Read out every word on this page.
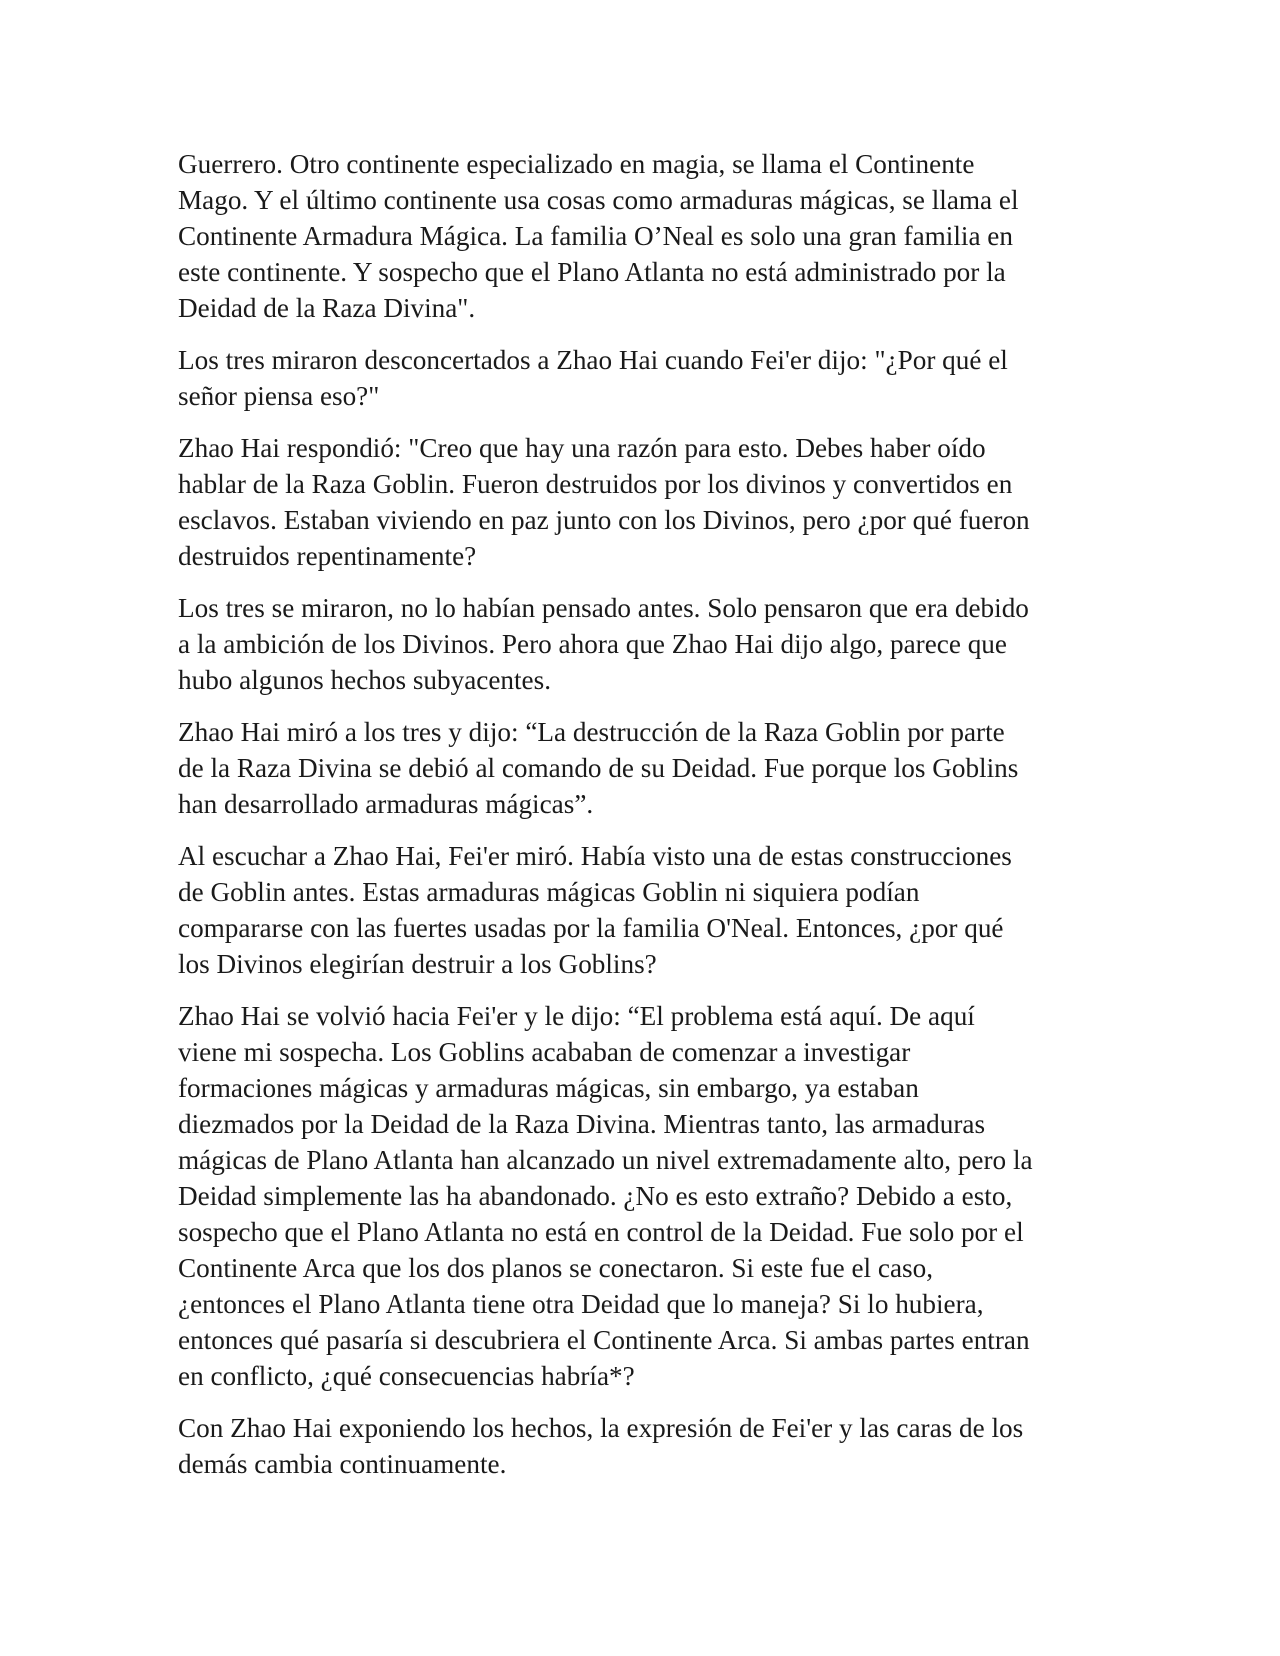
Guerrero. Otro continente especializado en magia, se llama el Continente
Mago. Y el último continente usa cosas como armaduras mágicas, se llama el
Continente Armadura Mágica. La familia O’Neal es solo una gran familia en
este continente. Y sospecho que el Plano Atlanta no está administrado por la
Deidad de la Raza Divina".

Los tres miraron desconcertados a Zhao Hai cuando Fei'er dijo: "¿Por qué el
señor piensa eso?"

Zhao Hai respondió: "Creo que hay una razón para esto. Debes haber oído
hablar de la Raza Goblin. Fueron destruidos por los divinos y convertidos en
esclavos. Estaban viviendo en paz junto con los Divinos, pero ¿por qué fueron
destruidos repentinamente?

Los tres se miraron, no lo habían pensado antes. Solo pensaron que era debido
a la ambición de los Divinos. Pero ahora que Zhao Hai dijo algo, parece que
hubo algunos hechos subyacentes.

Zhao Hai miró a los tres y dijo: “La destrucción de la Raza Goblin por parte
de la Raza Divina se debió al comando de su Deidad. Fue porque los Goblins
han desarrollado armaduras mágicas”.

Al escuchar a Zhao Hai, Fei'er miró. Había visto una de estas construcciones
de Goblin antes. Estas armaduras mágicas Goblin ni siquiera podían
compararse con las fuertes usadas por la familia O'Neal. Entonces, ¿por qué
los Divinos elegirían destruir a los Goblins?

Zhao Hai se volvió hacia Fei'er y le dijo: “El problema está aquí. De aquí
viene mi sospecha. Los Goblins acababan de comenzar a investigar
formaciones mágicas y armaduras mágicas, sin embargo, ya estaban
diezmados por la Deidad de la Raza Divina. Mientras tanto, las armaduras
mágicas de Plano Atlanta han alcanzado un nivel extremadamente alto, pero la
Deidad simplemente las ha abandonado. ¿No es esto extraño? Debido a esto,
sospecho que el Plano Atlanta no está en control de la Deidad. Fue solo por el
Continente Arca que los dos planos se conectaron. Si este fue el caso,
¿entonces el Plano Atlanta tiene otra Deidad que lo maneja? Si lo hubiera,
entonces qué pasaría si descubriera el Continente Arca. Si ambas partes entran
en conflicto, ¿qué consecuencias habría*?

Con Zhao Hai exponiendo los hechos, la expresión de Fei'er y las caras de los
demás cambia continuamente.
